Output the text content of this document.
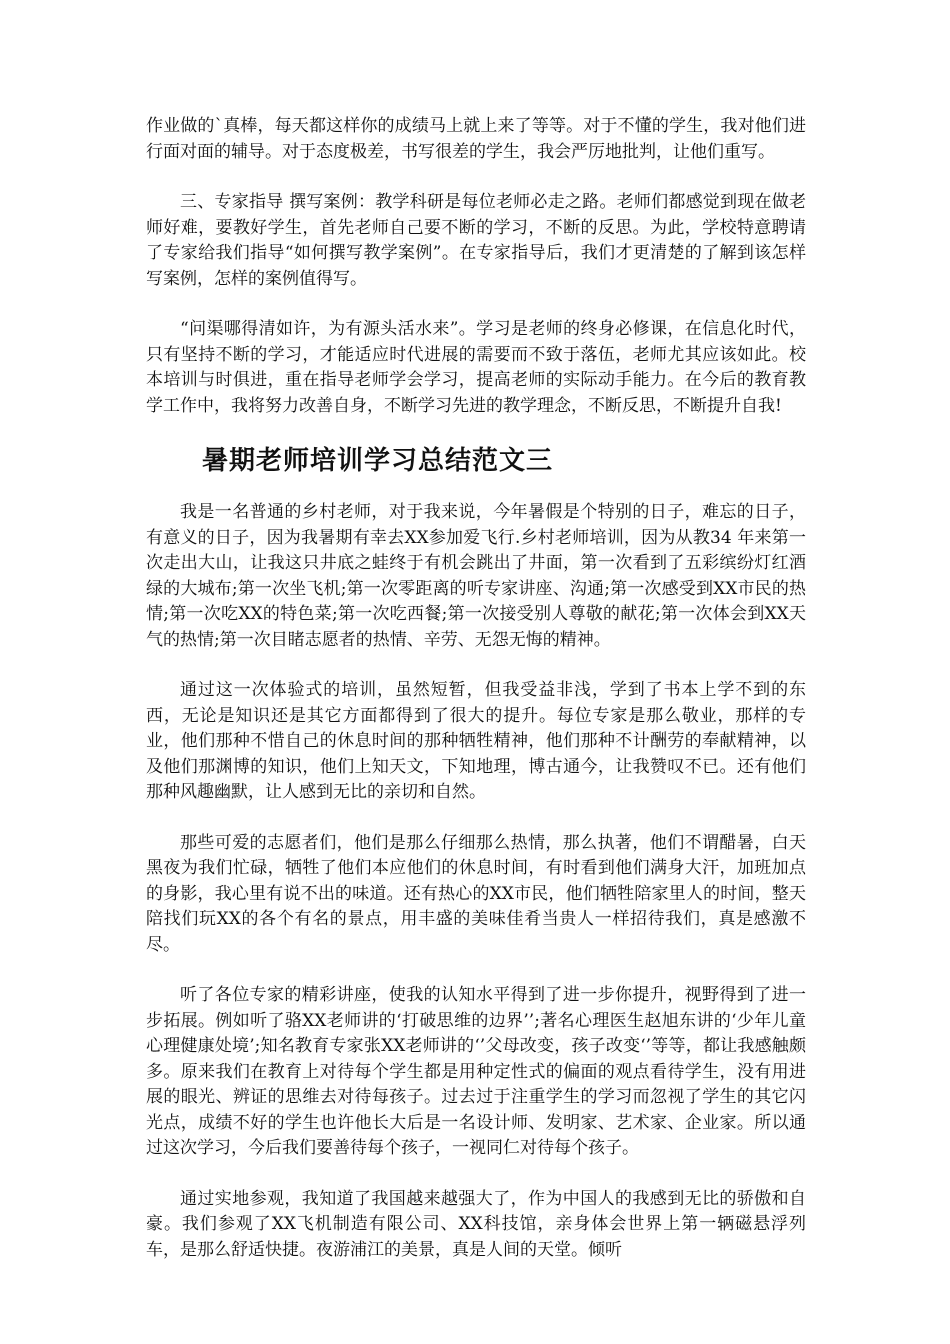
作业做的`真棒，每天都这样你的成绩马上就上来了等等。对于不懂的学生，我对他们进行面对面的辅导。对于态度极差，书写很差的学生，我会严厉地批判，让他们重写。

三、专家指导 撰写案例：教学科研是每位老师必走之路。老师们都感觉到现在做老师好难，要教好学生，首先老师自己要不断的学习，不断的反思。为此，学校特意聘请了专家给我们指导“如何撰写教学案例”。在专家指导后，我们才更清楚的了解到该怎样写案例，怎样的案例值得写。

“问渠哪得清如许，为有源头活水来”。学习是老师的终身必修课，在信息化时代，只有坚持不断的学习，才能适应时代进展的需要而不致于落伍，老师尤其应该如此。校本培训与时俱进，重在指导老师学会学习，提高老师的实际动手能力。在今后的教育教学工作中，我将努力改善自身，不断学习先进的教学理念，不断反思，不断提升自我!

暑期老师培训学习总结范文三

我是一名普通的乡村老师，对于我来说，今年暑假是个特别的日子，难忘的日子，有意义的日子，因为我暑期有幸去XX参加爱飞行.乡村老师培训，因为从教34 年来第一次走出大山，让我这只井底之蛙终于有机会跳出了井面，第一次看到了五彩缤纷灯红酒绿的大城布;第一次坐飞机;第一次零距离的听专家讲座、沟通;第一次感受到XX市民的热情;第一次吃XX的特色菜;第一次吃西餐;第一次接受别人尊敬的献花;第一次体会到XX天气的热情;第一次目睹志愿者的热情、辛劳、无怨无悔的精神。

通过这一次体验式的培训，虽然短暂，但我受益非浅，学到了书本上学不到的东西，无论是知识还是其它方面都得到了很大的提升。每位专家是那么敬业，那样的专业，他们那种不惜自己的休息时间的那种牺牲精神，他们那种不计酬劳的奉献精神，以及他们那渊博的知识，他们上知天文，下知地理，博古通今，让我赞叹不已。还有他们那种风趣幽默，让人感到无比的亲切和自然。

那些可爱的志愿者们，他们是那么仔细那么热情，那么执著，他们不谓醋暑，白天黑夜为我们忙碌，牺牲了他们本应他们的休息时间，有时看到他们满身大汗，加班加点的身影，我心里有说不出的味道。还有热心的XX市民，他们牺牲陪家里人的时间，整天陪找们玩XX的各个有名的景点，用丰盛的美味佳肴当贵人一样招待我们，真是感激不尽。

听了各位专家的精彩讲座，使我的认知水平得到了进一步你提升，视野得到了进一步拓展。例如听了骆XX老师讲的‘打破思维的边界’’;著名心理医生赵旭东讲的‘少年儿童心理健康处境’;知名教育专家张XX老师讲的‘’父母改变，孩子改变‘’等等，都让我感触颇多。原来我们在教育上对待每个学生都是用种定性式的偏面的观点看待学生，没有用进展的眼光、辨证的思维去对待每孩子。过去过于注重学生的学习而忽视了学生的其它闪光点，成绩不好的学生也许他长大后是一名设计师、发明家、艺术家、企业家。所以通过这次学习，今后我们要善待每个孩子，一视同仁对待每个孩子。

通过实地参观，我知道了我国越来越强大了，作为中国人的我感到无比的骄傲和自豪。我们参观了XX飞机制造有限公司、XX科技馆，亲身体会世界上第一辆磁悬浮列车，是那么舒适快捷。夜游浦江的美景，真是人间的天堂。倾听
